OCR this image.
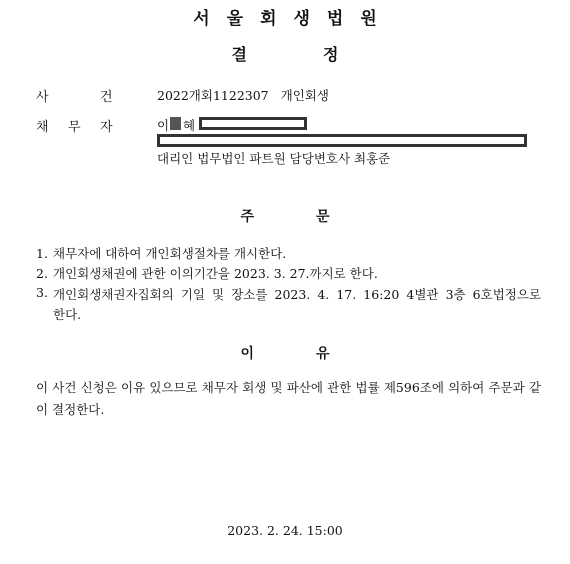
서울회생법원
결	정
사	건	2022개회1122307 개인회생
채 무 자	이 혜
대리인 법무법인 파트원 담당변호사 최홍준
주	문
1. 채무자에 대하여 개인회생절차를 개시한다.
2. 개인회생채권에 관한 이의기간을 2023. 3. 27.까지로 한다.
3. 개인회생채권자집회의 기일 및 장소를 2023. 4. 17. 16:20 4별관 3층 6호법정으로
한다.
이	유
이 사건 신청은 이유 있으므로 채무자 회생 및 파산에 관한 법률 제596조에 의하여 주문과 같이 결정한다.
2023. 2. 24. 15:00
